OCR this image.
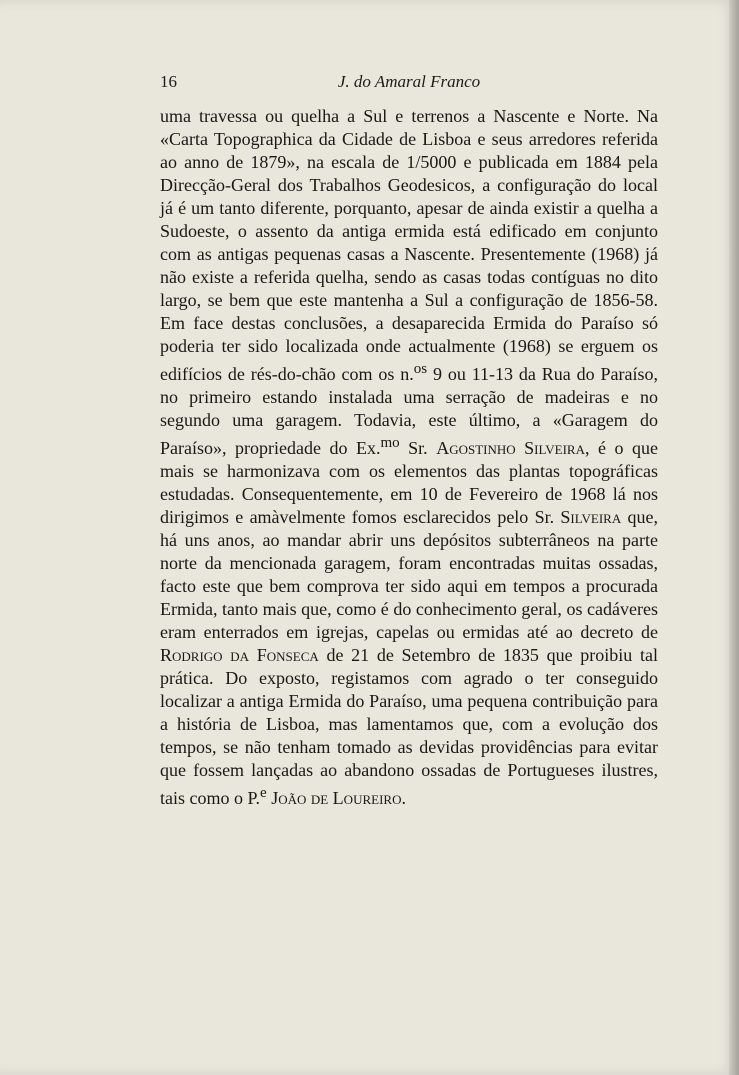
16	J. do Amaral Franco

uma travessa ou quelha a Sul e terrenos a Nascente e Norte. Na «Carta Topographica da Cidade de Lisboa e seus arredores referida ao anno de 1879», na escala de 1/5000 e publicada em 1884 pela Direcção-Geral dos Trabalhos Geodesicos, a configuração do local já é um tanto diferente, porquanto, apesar de ainda existir a quelha a Sudoeste, o assento da antiga ermida está edificado em conjunto com as antigas pequenas casas a Nascente. Presentemente (1968) já não existe a referida quelha, sendo as casas todas contíguas no dito largo, se bem que este mantenha a Sul a configuração de 1856-58. Em face destas conclusões, a desaparecida Ermida do Paraíso só poderia ter sido localizada onde actualmente (1968) se erguem os edifícios de rés-do-chão com os n.$^{os}$ 9 ou 11-13 da Rua do Paraíso, no primeiro estando instalada uma serração de madeiras e no segundo uma garagem. Todavia, este último, a «Garagem do Paraíso», propriedade do Ex.$^{mo}$ Sr. Agostinho Silveira, é o que mais se harmonizava com os elementos das plantas topográficas estudadas. Consequentemente, em 10 de Fevereiro de 1968 lá nos dirigimos e amàvelmente fomos esclarecidos pelo Sr. Silveira que, há uns anos, ao mandar abrir uns depósitos subterrâneos na parte norte da mencionada garagem, foram encontradas muitas ossadas, facto este que bem comprova ter sido aqui em tempos a procurada Ermida, tanto mais que, como é do conhecimento geral, os cadáveres eram enterrados em igrejas, capelas ou ermidas até ao decreto de Rodrigo da Fonseca de 21 de Setembro de 1835 que proibiu tal prática. Do exposto, registamos com agrado o ter conseguido localizar a antiga Ermida do Paraíso, uma pequena contribuição para a história de Lisboa, mas lamentamos que, com a evolução dos tempos, se não tenham tomado as devidas providências para evitar que fossem lançadas ao abandono ossadas de Portugueses ilustres, tais como o P.$^e$ João de Loureiro.
